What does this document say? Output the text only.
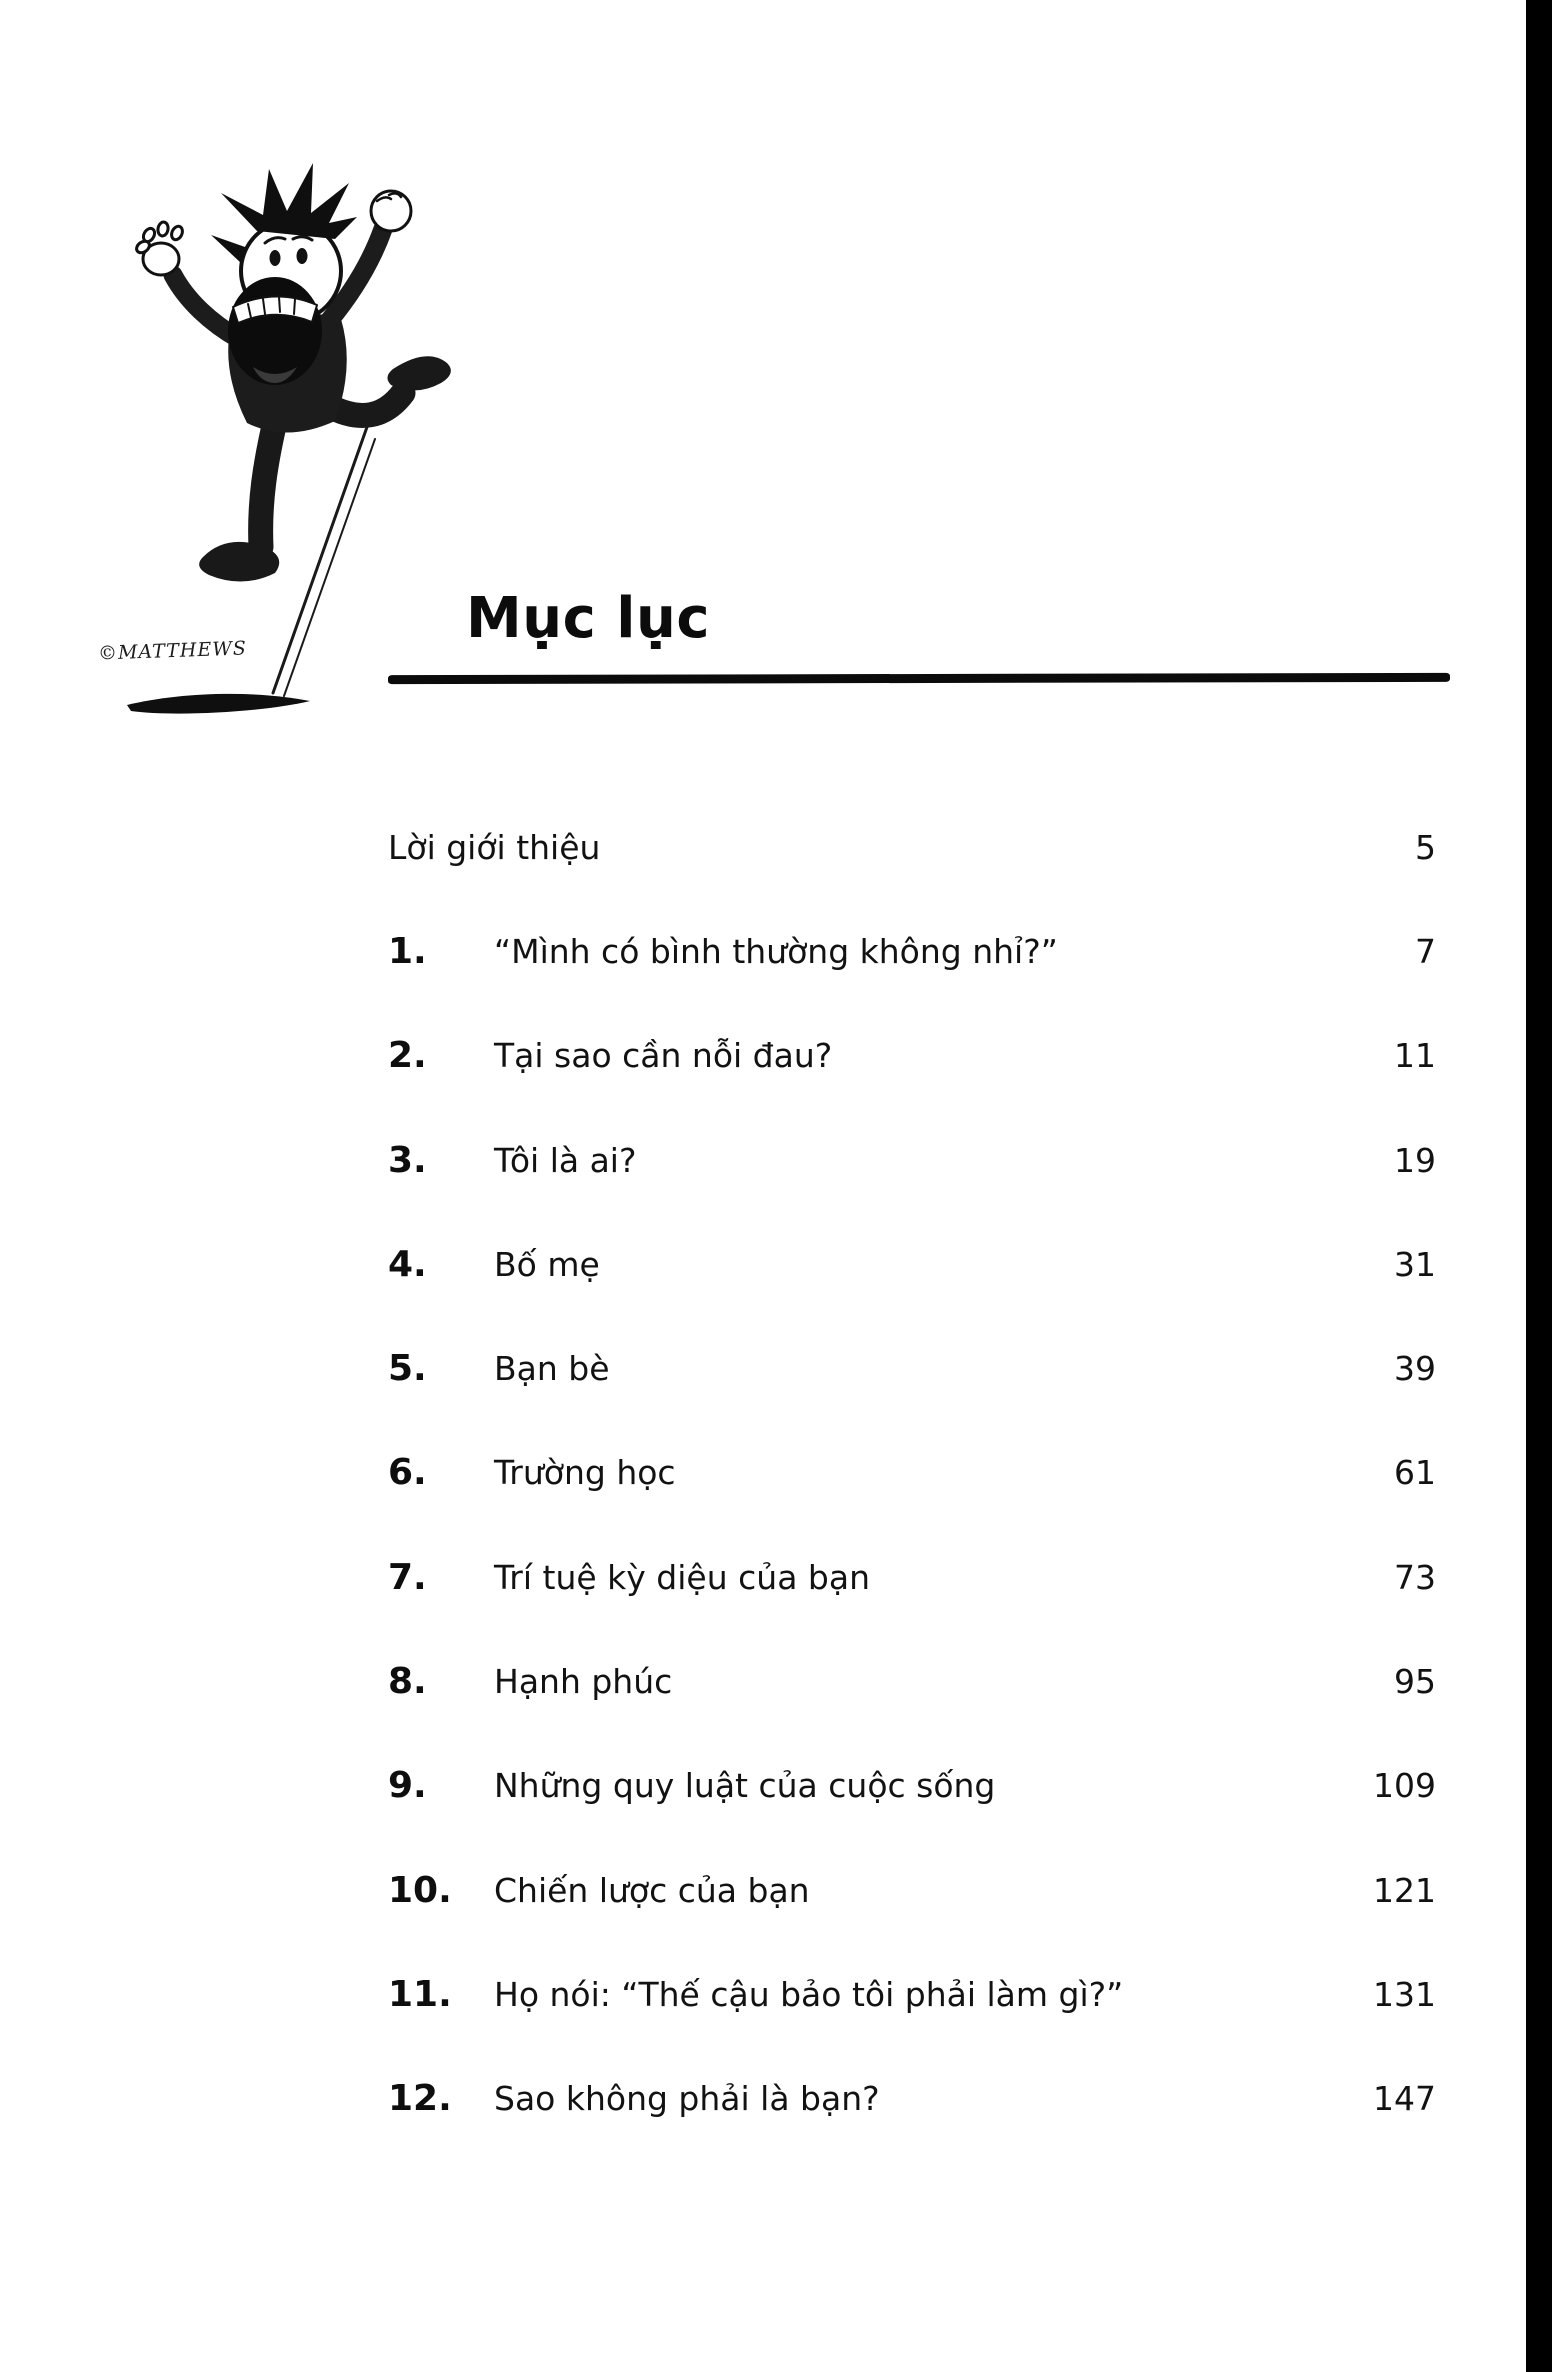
©MATTHEWS	Mục lục
Lời giới thiệu	5
1.	“Mình có bình thường không nhỉ?”	7
2.	Tại sao cần nỗi đau?	11
3.	Tôi là ai?	19
4.	Bố mẹ	31
5.	Bạn bè	39
6.	Trường học	61
7.	Trí tuệ kỳ diệu của bạn	73
8.	Hạnh phúc	95
9.	Những quy luật của cuộc sống	109
10.	Chiến lược của bạn	121
11.	Họ nói: “Thế cậu bảo tôi phải làm gì?”	131
12.	Sao không phải là bạn?	147
